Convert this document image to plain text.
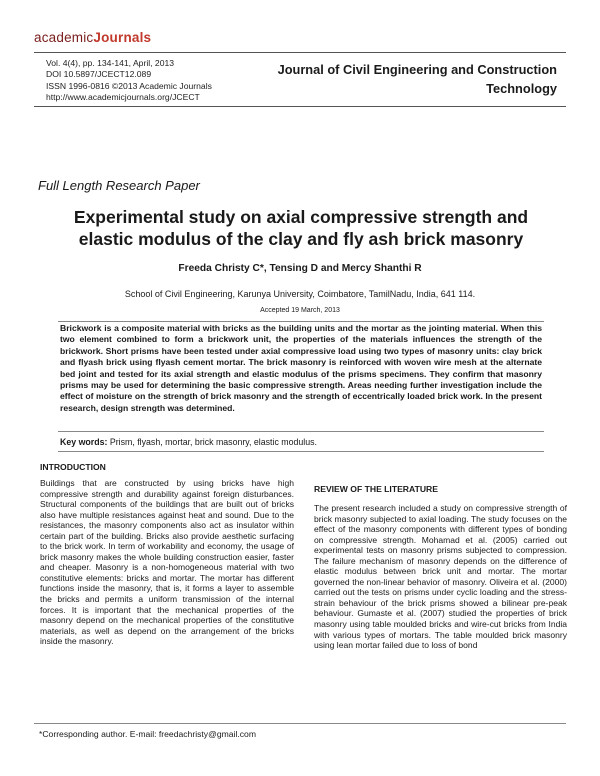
academicJournals
Vol. 4(4), pp. 134-141, April, 2013
DOI 10.5897/JCECT12.089
ISSN 1996-0816 ©2013 Academic Journals
http://www.academicjournals.org/JCECT
Journal of Civil Engineering and Construction
Technology
Full Length Research Paper
Experimental study on axial compressive strength and
elastic modulus of the clay and fly ash brick masonry
Freeda Christy C*, Tensing D and Mercy Shanthi R
School of Civil Engineering, Karunya University, Coimbatore, TamilNadu, India, 641 114.
Accepted 19 March, 2013
Brickwork is a composite material with bricks as the building units and the mortar as the jointing material. When this two element combined to form a brickwork unit, the properties of the materials influences the strength of the brickwork. Short prisms have been tested under axial compressive load using two types of masonry units: clay brick and flyash brick using flyash cement mortar. The brick masonry is reinforced with woven wire mesh at the alternate bed joint and tested for its axial strength and elastic modulus of the prisms specimens. They confirm that masonry prisms may be used for determining the basic compressive strength. Areas needing further investigation include the effect of moisture on the strength of brick masonry and the strength of eccentrically loaded brick work. In the present research, design strength was determined.
Key words: Prism, flyash, mortar, brick masonry, elastic modulus.
INTRODUCTION
Buildings that are constructed by using bricks have high compressive strength and durability against foreign disturbances. Structural components of the buildings that are built out of bricks also have multiple resistances against heat and sound. Due to the resistances, the masonry components also act as insulator within certain part of the building. Bricks also provide aesthetic surfacing to the brick work. In term of workability and economy, the usage of brick masonry makes the whole building construction easier, faster and cheaper. Masonry is a non-homogeneous material with two constitutive elements: bricks and mortar. The mortar has different functions inside the masonry, that is, it forms a layer to assemble the bricks and permits a uniform transmission of the internal forces. It is important that the mechanical properties of the masonry depend on the mechanical properties of the constitutive materials, as well as depend on the arrangement of the bricks inside the masonry.
REVIEW OF THE LITERATURE
The present research included a study on compressive strength of brick masonry subjected to axial loading. The study focuses on the effect of the masonry components with different types of bonding on compressive strength. Mohamad et al. (2005) carried out experimental tests on masonry prisms subjected to compression. The failure mechanism of masonry depends on the difference of elastic modulus between brick unit and mortar. The mortar governed the non-linear behavior of masonry. Oliveira et al. (2000) carried out the tests on prisms under cyclic loading and the stress-strain behaviour of the brick prisms showed a bilinear pre-peak behaviour. Gumaste et al. (2007) studied the properties of brick masonry using table moulded bricks and wire-cut bricks from India with various types of mortars. The table moulded brick masonry using lean mortar failed due to loss of bond
*Corresponding author. E-mail: freedachristy@gmail.com
